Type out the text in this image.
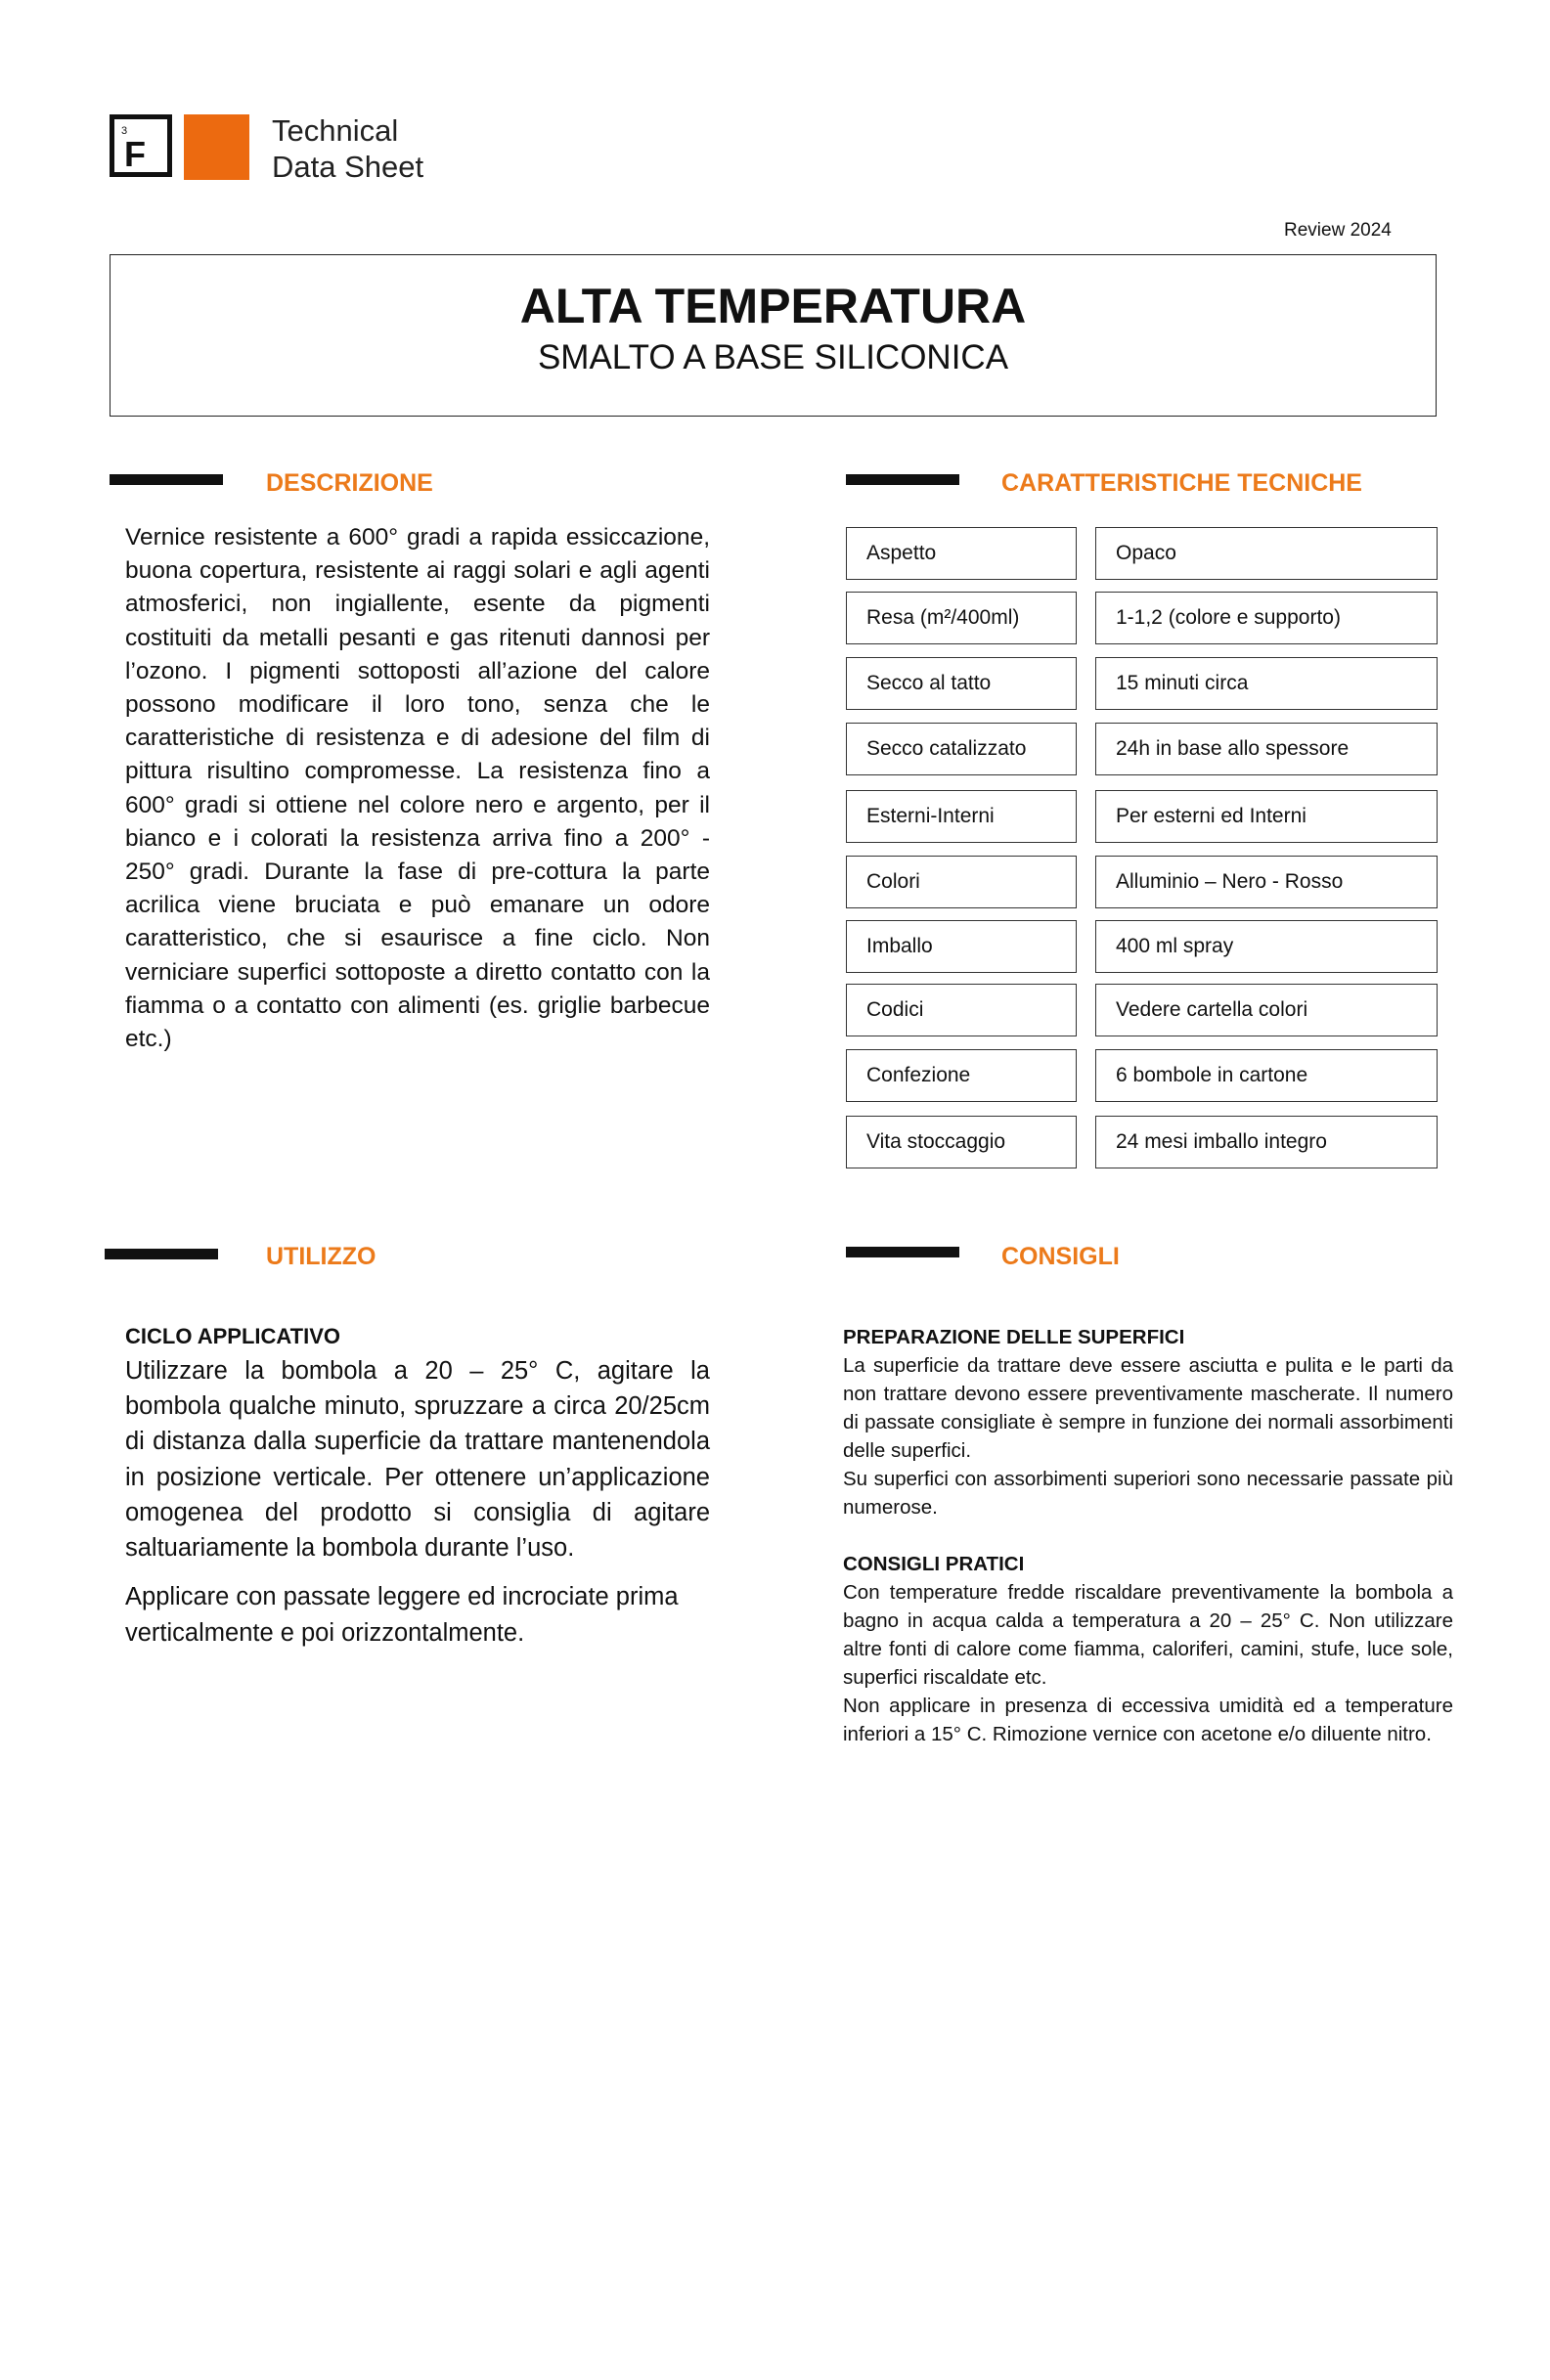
3
F
Technical
Data Sheet
Review 2024
ALTA TEMPERATURA
SMALTO A BASE SILICONICA
DESCRIZIONE
Vernice resistente a 600° gradi a rapida essiccazione, buona copertura, resistente ai raggi solari e agli agenti atmosferici, non ingiallente, esente da pigmenti costituiti da metalli pesanti e gas ritenuti dannosi per l’ozono. I pigmenti sottoposti all’azione del calore possono modificare il loro tono, senza che le caratteristiche di resistenza e di adesione del film di pittura risultino compromesse. La resistenza fino a 600° gradi si ottiene nel colore nero e argento, per il bianco e i colorati la resistenza arriva fino a 200° - 250° gradi. Durante la fase di pre-cottura la parte acrilica viene bruciata e può emanare un odore caratteristico, che si esaurisce a fine ciclo. Non verniciare superfici sottoposte a diretto contatto con la fiamma o a contatto con alimenti (es. griglie barbecue etc.)
CARATTERISTICHE TECNICHE
Aspetto	Opaco
Resa (m²/400ml)	1-1,2 (colore e supporto)
Secco al tatto	15 minuti circa
Secco catalizzato	24h in base allo spessore
Esterni-Interni	Per esterni ed Interni
Colori	Alluminio – Nero - Rosso
Imballo	400 ml spray
Codici	Vedere cartella colori
Confezione	6 bombole in cartone
Vita stoccaggio	24 mesi imballo integro
UTILIZZO
CICLO APPLICATIVO
Utilizzare la bombola a 20 – 25° C, agitare la bombola qualche minuto, spruzzare a circa 20/25cm di distanza dalla superficie da trattare mantenendola in posizione verticale. Per ottenere un’applicazione omogenea del prodotto si consiglia di agitare saltuariamente la bombola durante l’uso.
Applicare con passate leggere ed incrociate prima verticalmente e poi orizzontalmente.
CONSIGLI
PREPARAZIONE DELLE SUPERFICI
La superficie da trattare deve essere asciutta e pulita e le parti da non trattare devono essere preventivamente mascherate. Il numero di passate consigliate è sempre in funzione dei normali assorbimenti delle superfici.
Su superfici con assorbimenti superiori sono necessarie passate più numerose.
CONSIGLI PRATICI
Con temperature fredde riscaldare preventivamente la bombola a bagno in acqua calda a temperatura a 20 – 25° C. Non utilizzare altre fonti di calore come fiamma, caloriferi, camini, stufe, luce sole, superfici riscaldate etc.
Non applicare in presenza di eccessiva umidità ed a temperature inferiori a 15° C. Rimozione vernice con acetone e/o diluente nitro.
